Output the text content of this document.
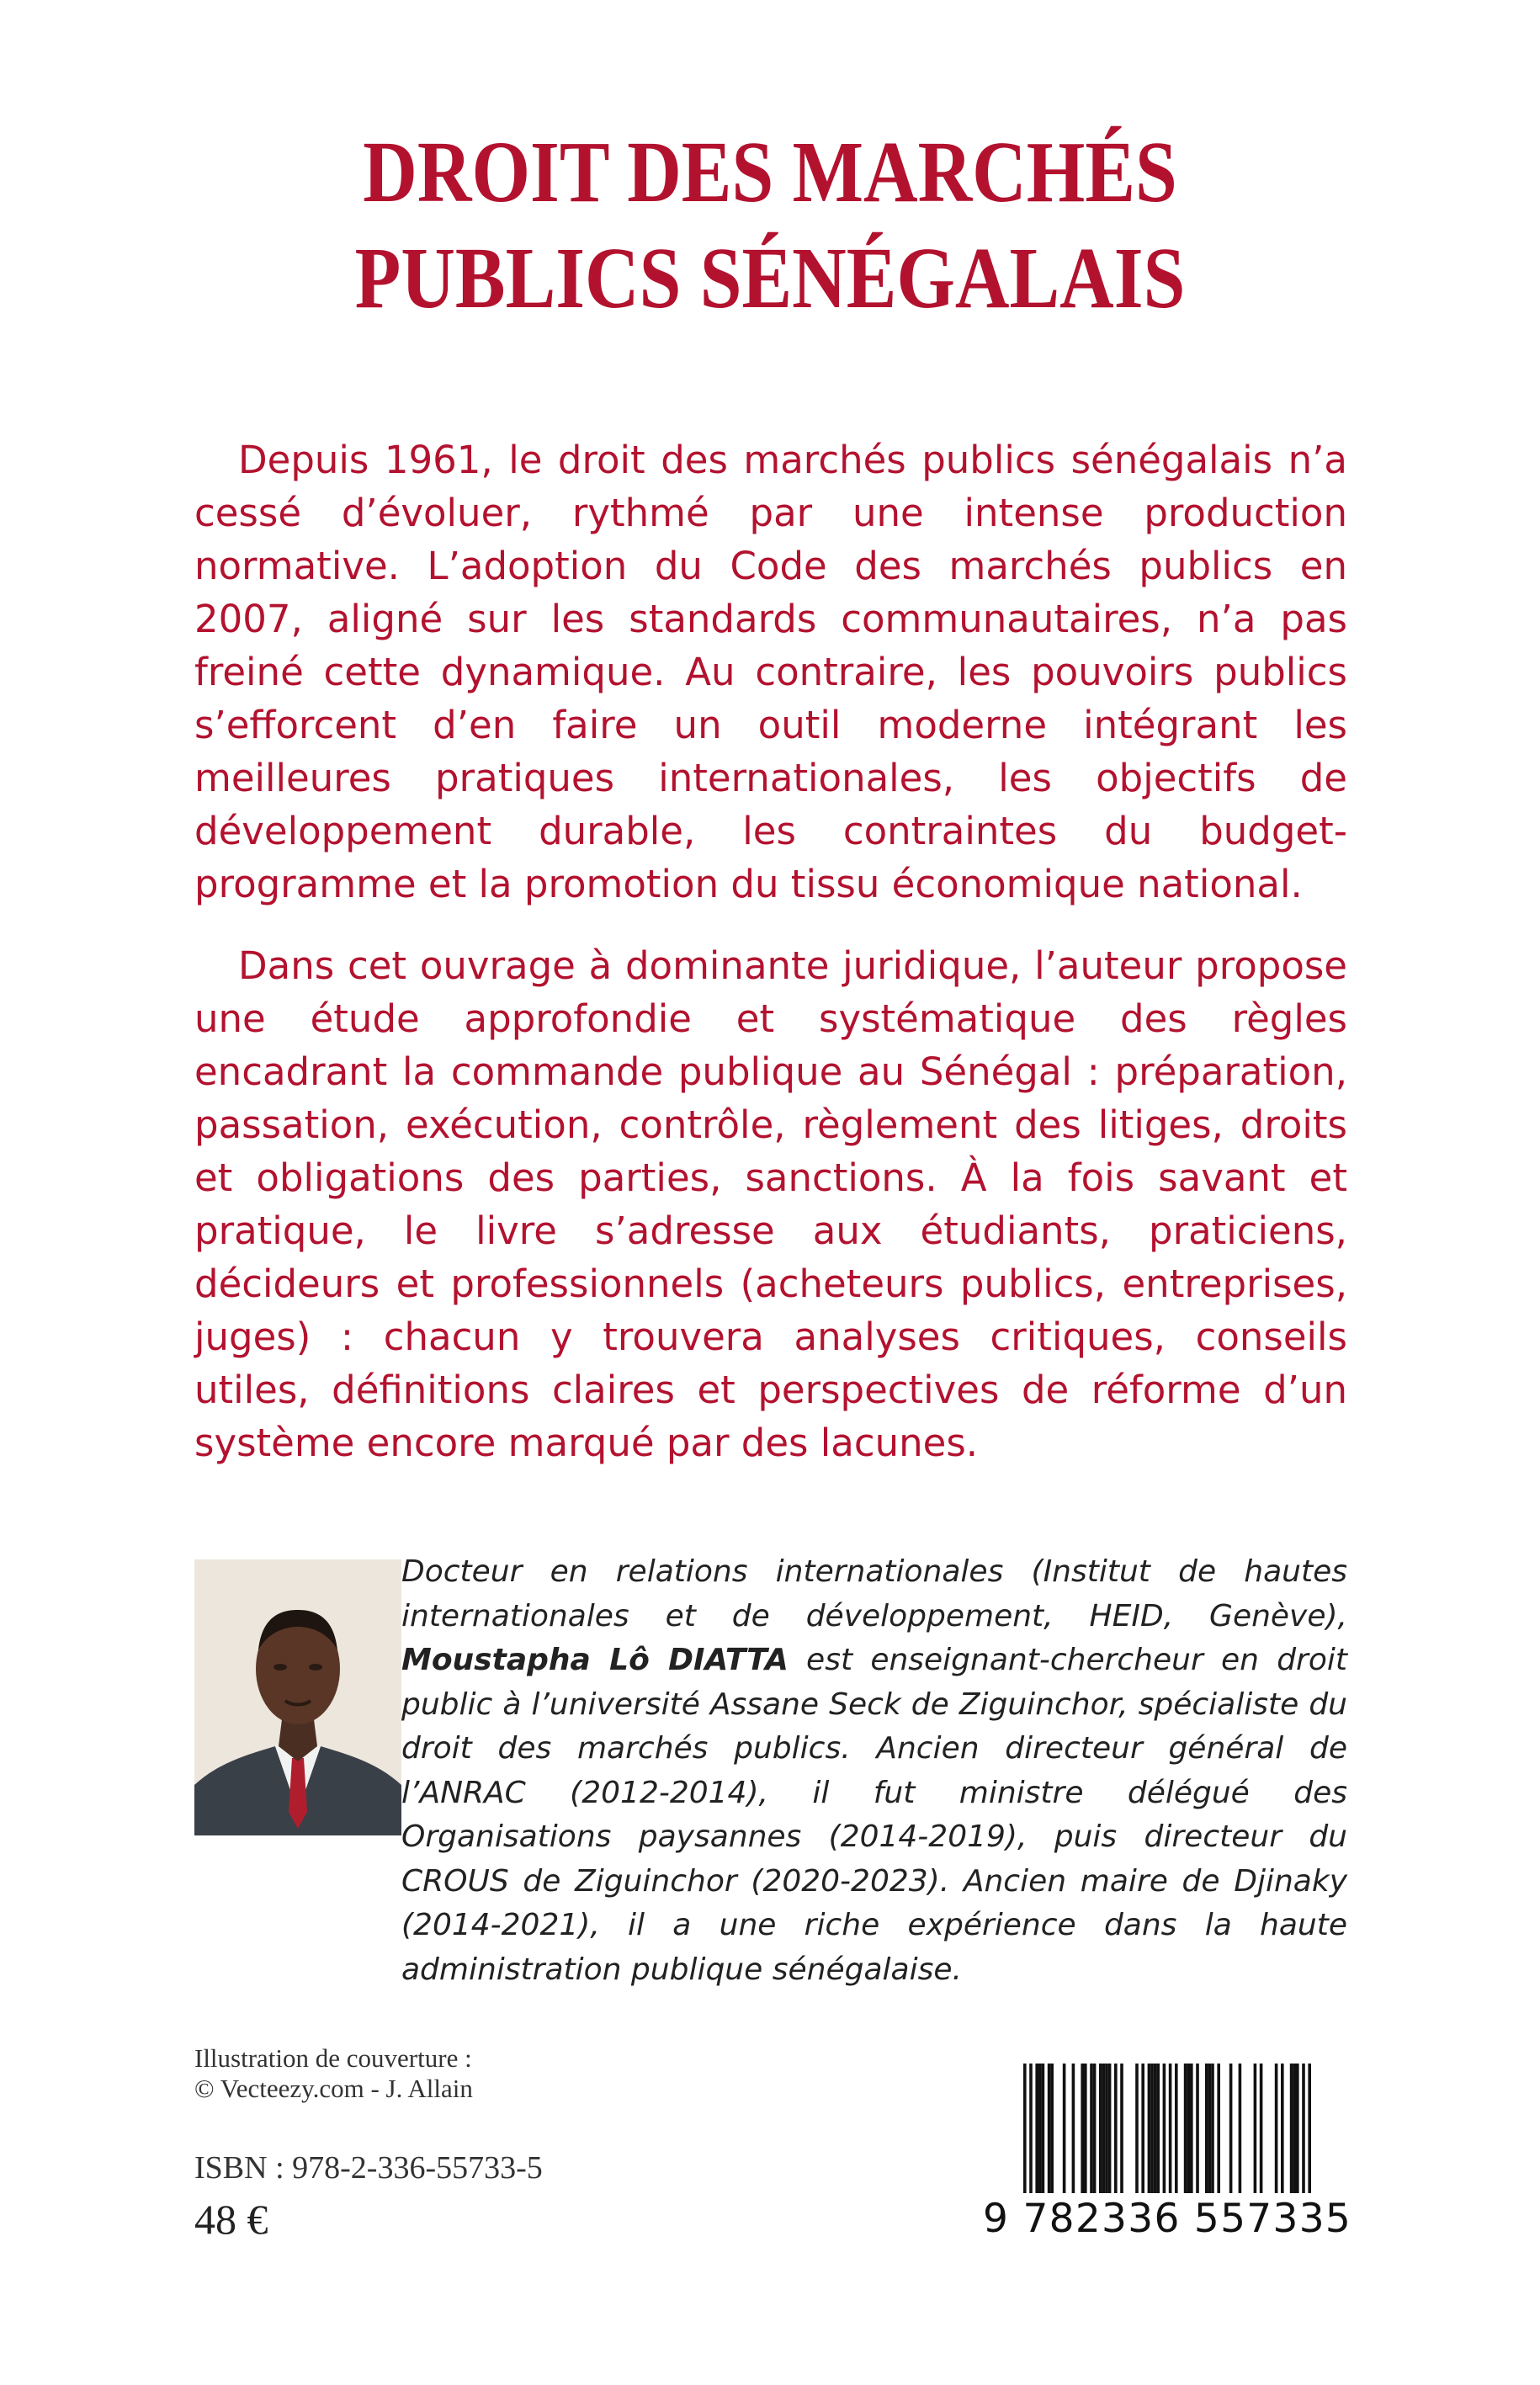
DROIT DES MARCHÉS
PUBLICS SÉNÉGALAIS

Depuis 1961, le droit des marchés publics sénégalais n’a cessé d’évoluer, rythmé par une intense production normative. L’adoption du Code des marchés publics en 2007, aligné sur les standards communautaires, n’a pas freiné cette dynamique. Au contraire, les pouvoirs publics s’efforcent d’en faire un outil moderne intégrant les meilleures pratiques internationales, les objectifs de développement durable, les contraintes du budget-programme et la promotion du tissu économique national.

Dans cet ouvrage à dominante juridique, l’auteur propose une étude approfondie et systématique des règles encadrant la commande publique au Sénégal : préparation, passation, exécution, contrôle, règlement des litiges, droits et obligations des parties, sanctions. À la fois savant et pratique, le livre s’adresse aux étudiants, praticiens, décideurs et professionnels (acheteurs publics, entreprises, juges) : chacun y trouvera analyses critiques, conseils utiles, définitions claires et perspectives de réforme d’un système encore marqué par des lacunes.

Docteur en relations internationales (Institut de hautes internationales et de développement, HEID, Genève), Moustapha Lô DIATTA est enseignant-chercheur en droit public à l’université Assane Seck de Ziguinchor, spécialiste du droit des marchés publics. Ancien directeur général de l’ANRAC (2012-2014), il fut ministre délégué des Organisations paysannes (2014-2019), puis directeur du CROUS de Ziguinchor (2020-2023). Ancien maire de Djinaky (2014-2021), il a une riche expérience dans la haute administration publique sénégalaise.

Illustration de couverture :
© Vecteezy.com - J. Allain
ISBN : 978-2-336-55733-5
48 €	9 782336 557335
